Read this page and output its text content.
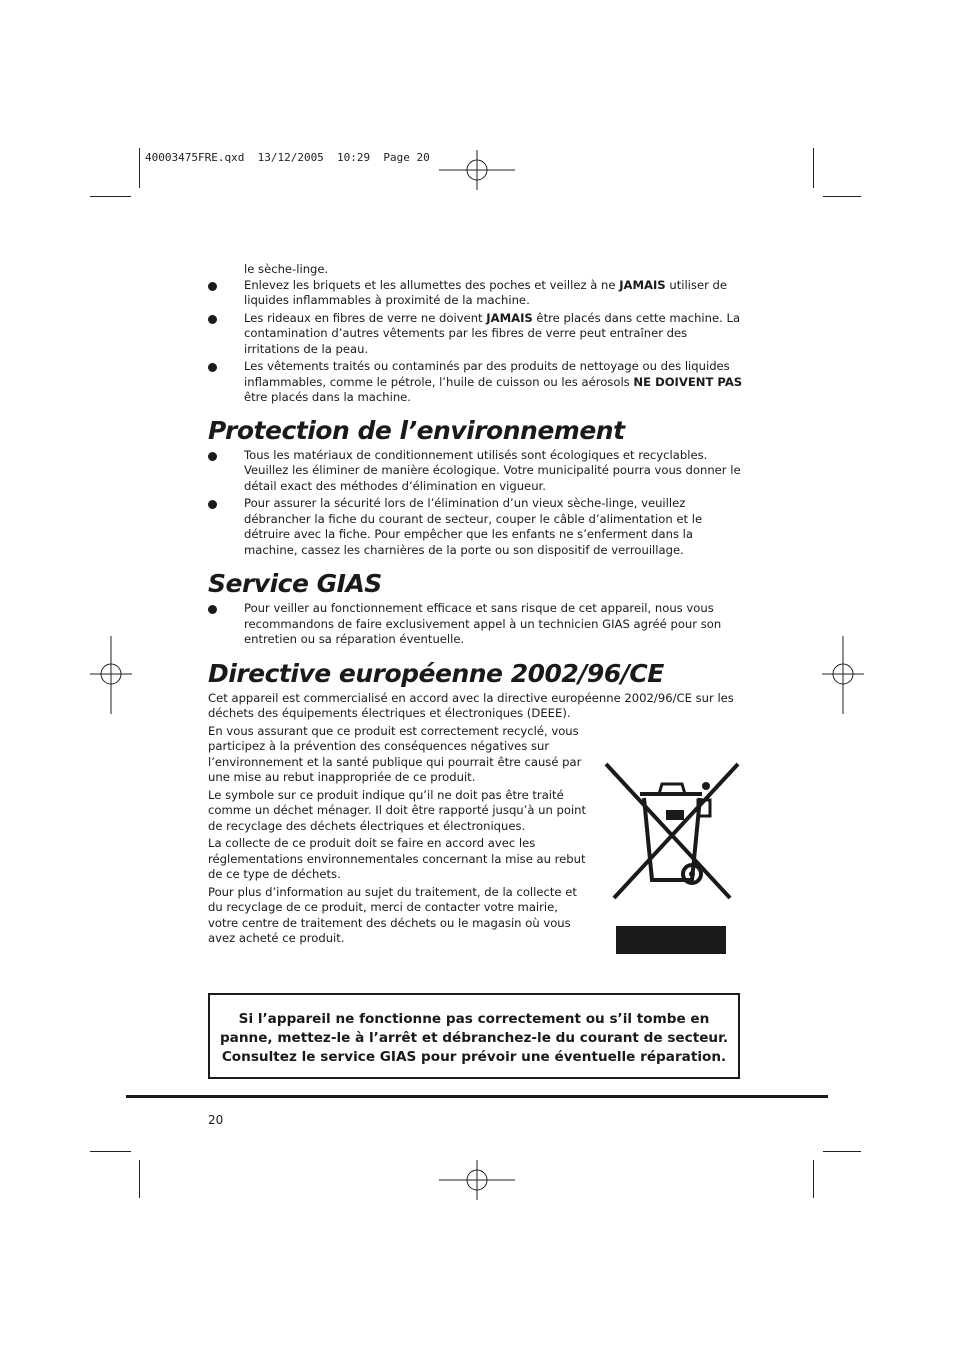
40003475FRE.qxd  13/12/2005  10:29  Page 20
le sèche-linge.
Enlevez les briquets et les allumettes des poches et veillez à ne JAMAIS utiliser de liquides inflammables à proximité de la machine.
Les rideaux en fibres de verre ne doivent JAMAIS être placés dans cette machine. La contamination d’autres vêtements par les fibres de verre peut entraîner des irritations de la peau.
Les vêtements traités ou contaminés par des produits de nettoyage ou des liquides inflammables, comme le pétrole, l’huile de cuisson ou les aérosols NE DOIVENT PAS être placés dans la machine.
Protection de l’environnement
Tous les matériaux de conditionnement utilisés sont écologiques et recyclables. Veuillez les éliminer de manière écologique. Votre municipalité pourra vous donner le détail exact des méthodes d’élimination en vigueur.
Pour assurer la sécurité lors de l’élimination d’un vieux sèche-linge, veuillez débrancher la fiche du courant de secteur, couper le câble d’alimentation et le détruire avec la fiche. Pour empêcher que les enfants ne s’enferment dans la machine, cassez les charnières de la porte ou son dispositif de verrouillage.
Service GIAS
Pour veiller au fonctionnement efficace et sans risque de cet appareil, nous vous recommandons de faire exclusivement appel à un technicien GIAS agréé pour son entretien ou sa réparation éventuelle.
Directive européenne 2002/96/CE

Cet appareil est commercialisé en accord avec la directive européenne 2002/96/CE sur les déchets des équipements électriques et électroniques (DEEE).

En vous assurant que ce produit est correctement recyclé, vous participez à la prévention des conséquences négatives sur l’environnement et la santé publique qui pourrait être causé par une mise au rebut inappropriée de ce produit.

Le symbole sur ce produit indique qu’il ne doit pas être traité comme un déchet ménager. Il doit être rapporté jusqu’à un point de recyclage des déchets électriques et électroniques.

La collecte de ce produit doit se faire en accord avec les réglementations environnementales concernant la mise au rebut de ce type de déchets.

Pour plus d’information au sujet du traitement, de la collecte et du recyclage de ce produit, merci de contacter votre mairie, votre centre de traitement des déchets ou le magasin où vous avez acheté ce produit.

Si l’appareil ne fonctionne pas correctement ou s’il tombe en panne, mettez-le à l’arrêt et débranchez-le du courant de secteur. Consultez le service GIAS pour prévoir une éventuelle réparation.
20
